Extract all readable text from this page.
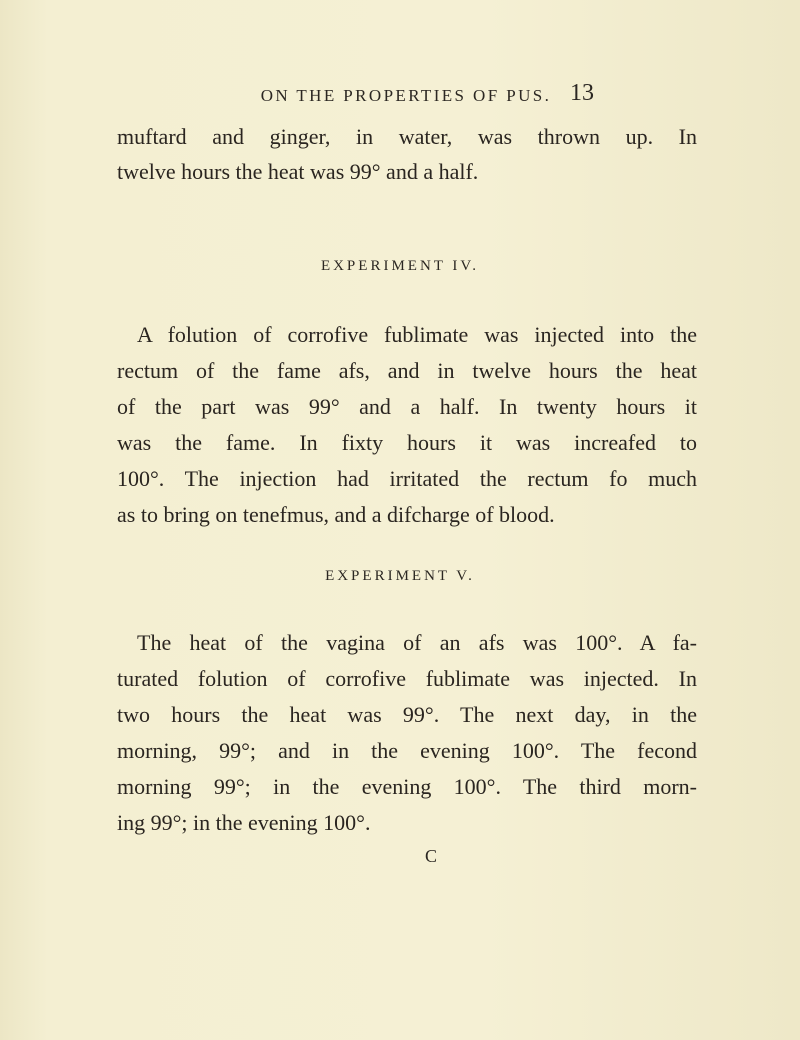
ON THE PROPERTIES OF PUS. 13
muftard and ginger, in water, was thrown up. In
twelve hours the heat was 99° and a half.
EXPERIMENT IV.
A folution of corrofive fublimate was injected into the
rectum of the fame afs, and in twelve hours the heat
of the part was 99° and a half. In twenty hours it
was the fame. In fixty hours it was increafed to
100°. The injection had irritated the rectum fo much
as to bring on tenefmus, and a difcharge of blood.
EXPERIMENT V.
The heat of the vagina of an afs was 100°. A fa-
turated folution of corrofive fublimate was injected. In
two hours the heat was 99°. The next day, in the
morning, 99°; and in the evening 100°. The fecond
morning 99°; in the evening 100°. The third morn-
ing 99°; in the evening 100°.
C
